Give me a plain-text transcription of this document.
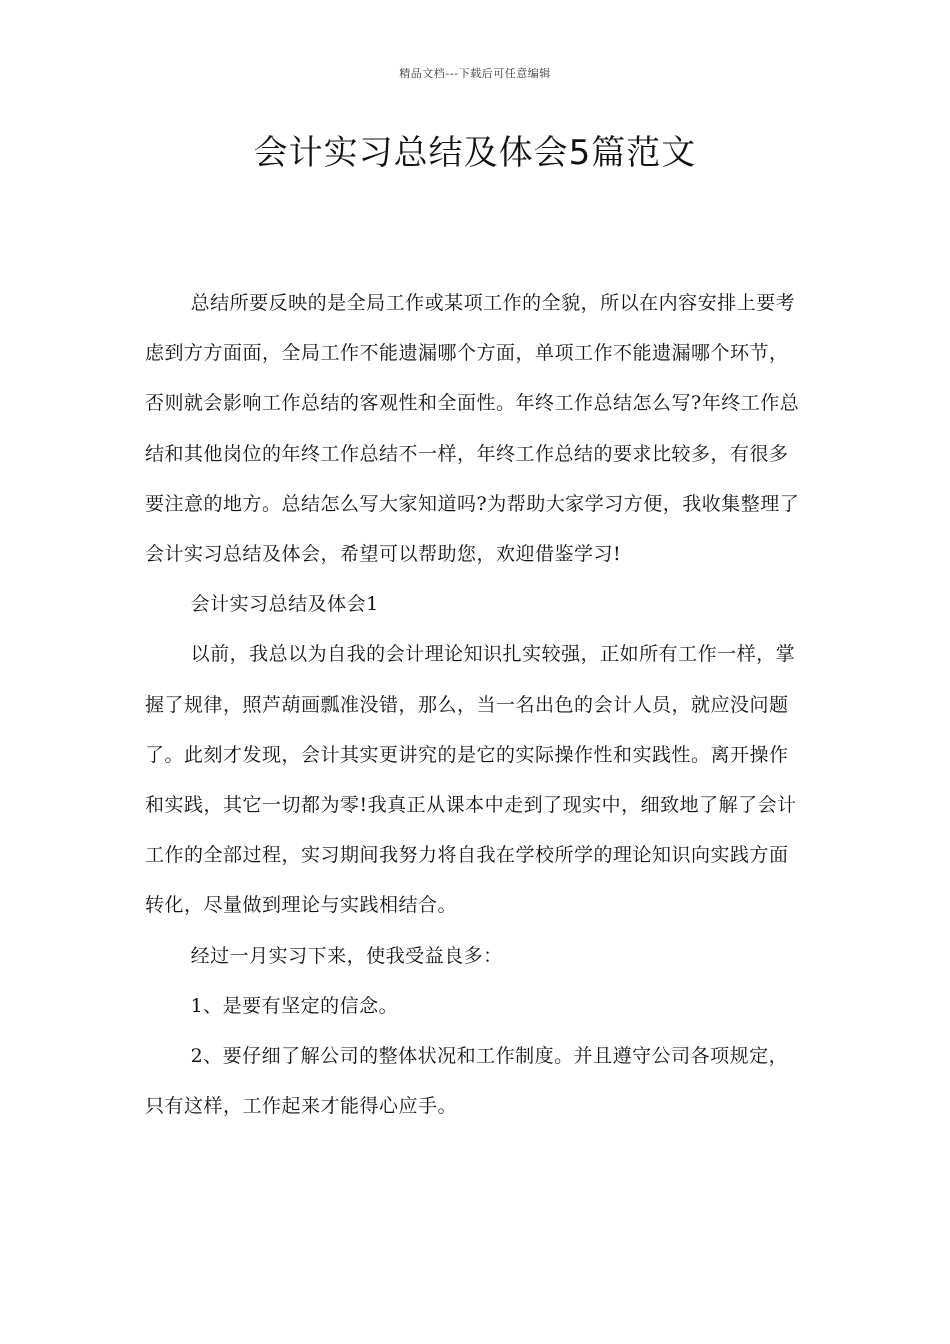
精品文档---下载后可任意编辑
会计实习总结及体会5篇范文

总结所要反映的是全局工作或某项工作的全貌，所以在内容安排上要考虑到方方面面，全局工作不能遗漏哪个方面，单项工作不能遗漏哪个环节，否则就会影响工作总结的客观性和全面性。年终工作总结怎么写?年终工作总结和其他岗位的年终工作总结不一样，年终工作总结的要求比较多，有很多要注意的地方。总结怎么写大家知道吗?为帮助大家学习方便，我收集整理了会计实习总结及体会，希望可以帮助您，欢迎借鉴学习!

会计实习总结及体会1

以前，我总以为自我的会计理论知识扎实较强，正如所有工作一样，掌握了规律，照芦葫画瓢准没错，那么，当一名出色的会计人员，就应没问题了。此刻才发现，会计其实更讲究的是它的实际操作性和实践性。离开操作和实践，其它一切都为零!我真正从课本中走到了现实中，细致地了解了会计工作的全部过程，实习期间我努力将自我在学校所学的理论知识向实践方面转化，尽量做到理论与实践相结合。

经过一月实习下来，使我受益良多：

1、是要有坚定的信念。

2、要仔细了解公司的整体状况和工作制度。并且遵守公司各项规定，只有这样，工作起来才能得心应手。
